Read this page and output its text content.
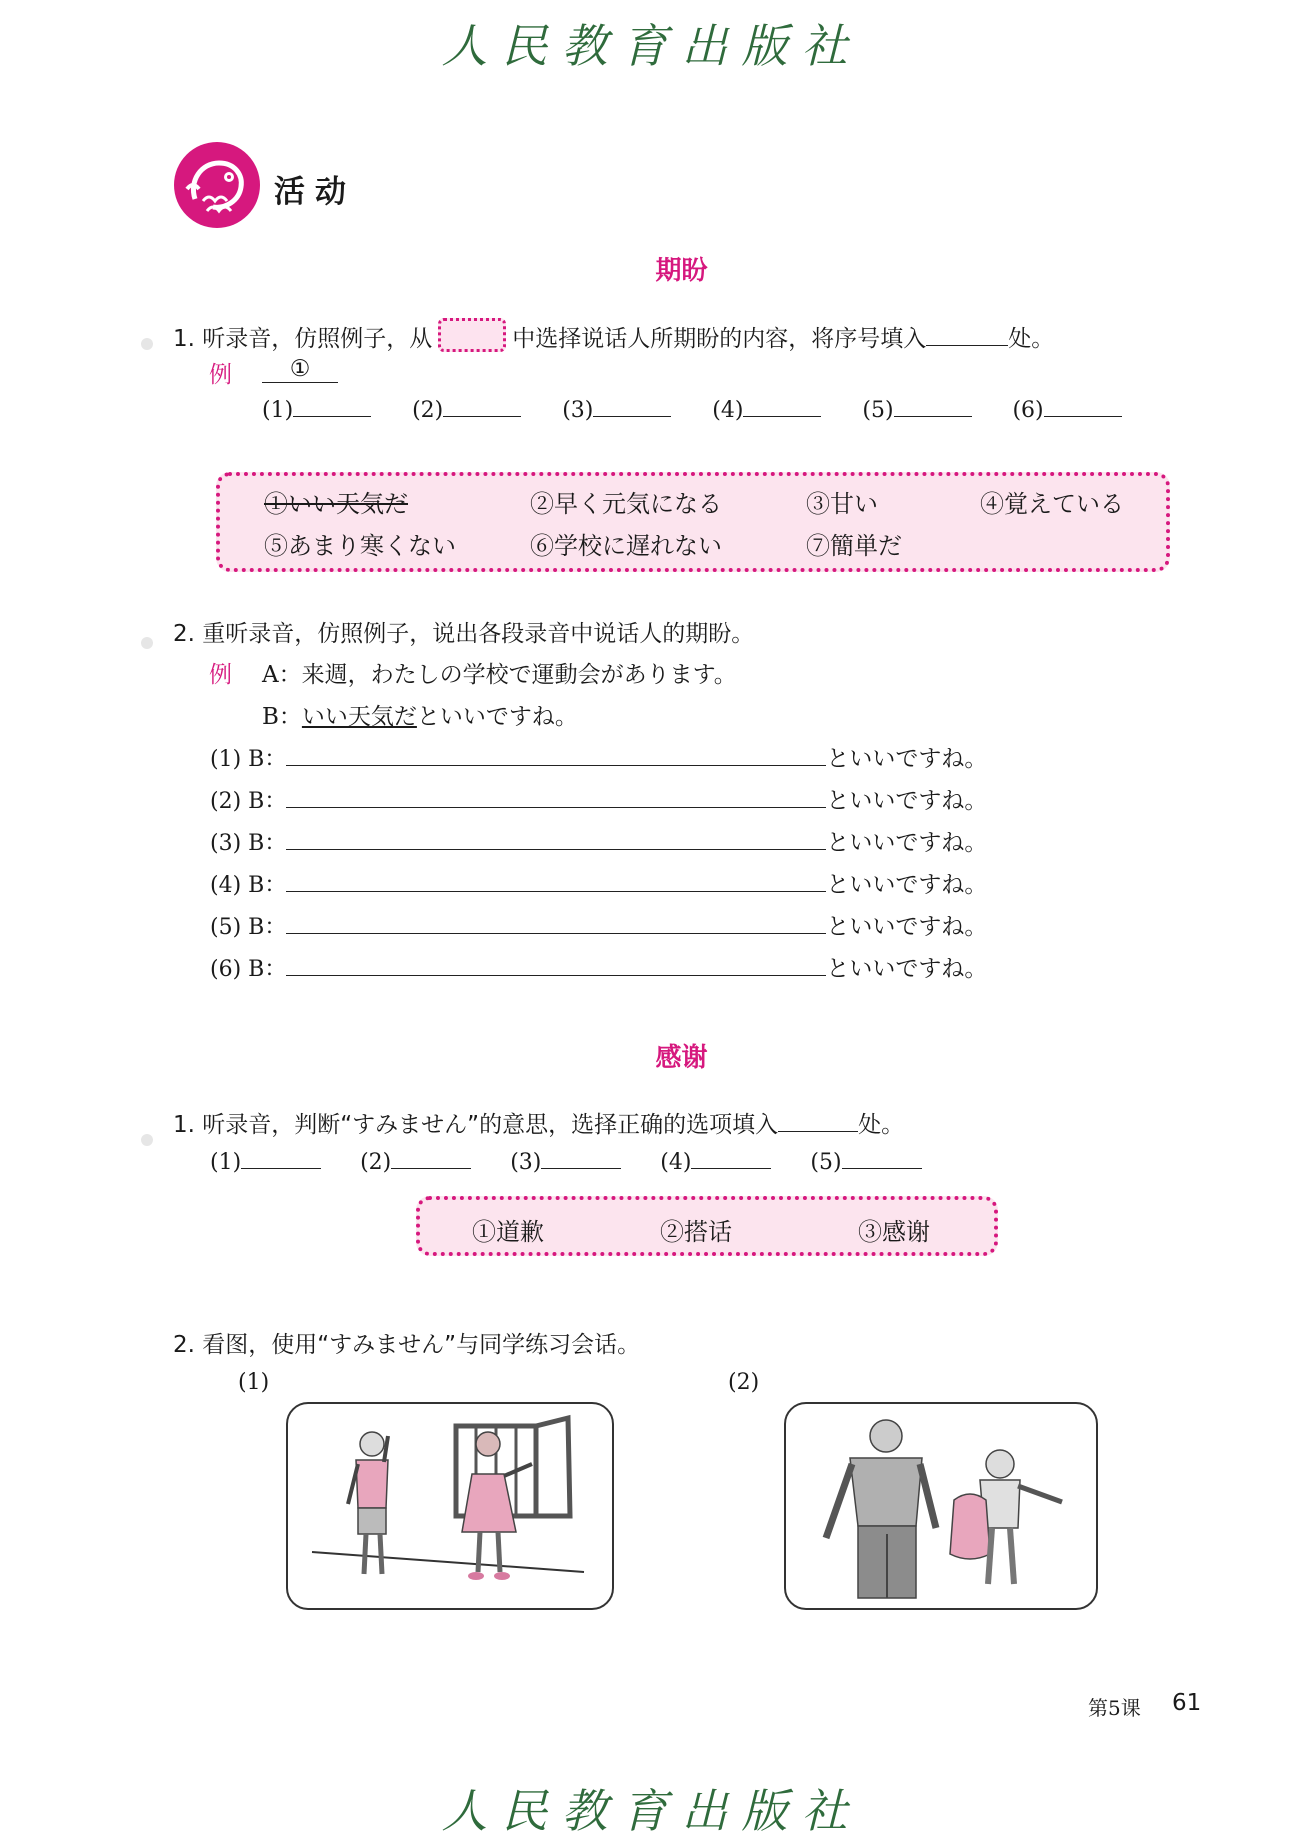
人民教育出版社
活动
期盼
1. 听录音，仿照例子，从	中选择说话人所期盼的内容，将序号填入	处。
例	①
(1)	(2)	(3)	(4)	(5)	(6)
①いい天気だ	②早く元気になる	③甘い	④覚えている
⑤あまり寒くない	⑥学校に遅れない	⑦簡単だ
2. 重听录音，仿照例子，说出各段录音中说话人的期盼。
例 A：来週，わたしの学校で運動会があります。
B：いい天気だといいですね。
(1) B：	といいですね。
(2) B：	といいですね。
(3) B：	といいですね。
(4) B：	といいですね。
(5) B：	といいですね。
(6) B：	といいですね。
感谢
1. 听录音，判断“すみません”的意思，选择正确的选项填入	处。
(1)	(2)	(3)	(4)	(5)
①道歉	②搭话	③感谢
2. 看图，使用“すみません”与同学练习会话。
(1)	(2)
第5课 61
人民教育出版社
